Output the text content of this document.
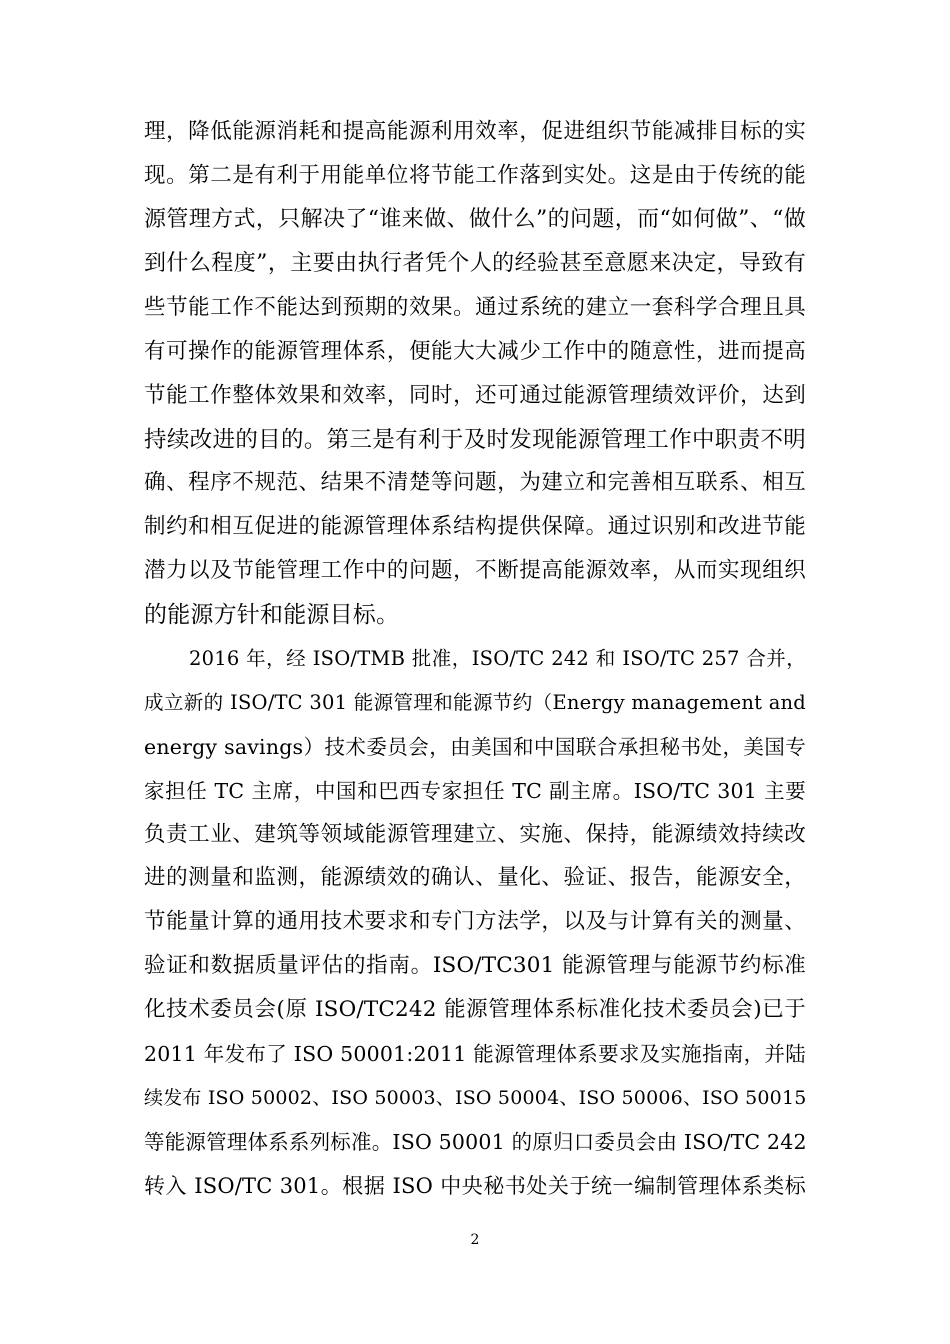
理，降低能源消耗和提高能源利用效率，促进组织节能减排目标的实
现。第二是有利于用能单位将节能工作落到实处。这是由于传统的能
源管理方式，只解决了“谁来做、做什么”的问题，而“如何做”、“做
到什么程度”，主要由执行者凭个人的经验甚至意愿来决定，导致有
些节能工作不能达到预期的效果。通过系统的建立一套科学合理且具
有可操作的能源管理体系，便能大大减少工作中的随意性，进而提高
节能工作整体效果和效率，同时，还可通过能源管理绩效评价，达到
持续改进的目的。第三是有利于及时发现能源管理工作中职责不明
确、程序不规范、结果不清楚等问题，为建立和完善相互联系、相互
制约和相互促进的能源管理体系结构提供保障。通过识别和改进节能
潜力以及节能管理工作中的问题，不断提高能源效率，从而实现组织
的能源方针和能源目标。
2016 年，经 ISO/TMB 批准，ISO/TC 242 和 ISO/TC 257 合并，
成立新的 ISO/TC 301 能源管理和能源节约（Energy management and
energy savings）技术委员会，由美国和中国联合承担秘书处，美国专
家担任 TC 主席，中国和巴西专家担任 TC 副主席。ISO/TC 301 主要
负责工业、建筑等领域能源管理建立、实施、保持，能源绩效持续改
进的测量和监测，能源绩效的确认、量化、验证、报告，能源安全，
节能量计算的通用技术要求和专门方法学，以及与计算有关的测量、
验证和数据质量评估的指南。ISO/TC301 能源管理与能源节约标准
化技术委员会(原 ISO/TC242 能源管理体系标准化技术委员会)已于
2011 年发布了 ISO 50001:2011 能源管理体系要求及实施指南，并陆
续发布 ISO 50002、ISO 50003、ISO 50004、ISO 50006、ISO 50015
等能源管理体系系列标准。ISO 50001 的原归口委员会由 ISO/TC 242
转入 ISO/TC 301。根据 ISO 中央秘书处关于统一编制管理体系类标
2
